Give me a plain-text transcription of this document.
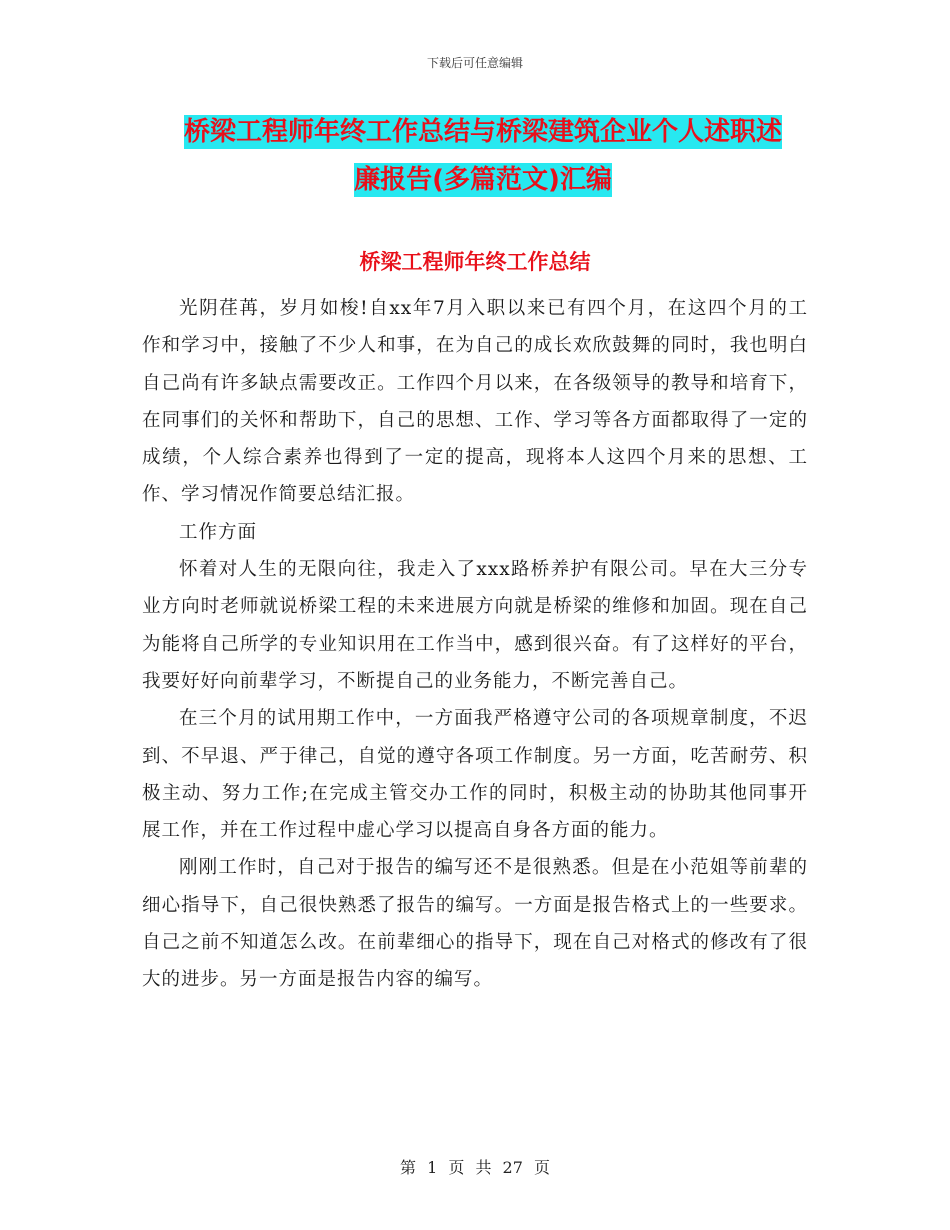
下载后可任意编辑
桥梁工程师年终工作总结与桥梁建筑企业个人述职述
廉报告(多篇范文)汇编
桥梁工程师年终工作总结

光阴荏苒，岁月如梭!自xx年7月入职以来已有四个月，在这四个月的工作和学习中，接触了不少人和事，在为自己的成长欢欣鼓舞的同时，我也明白自己尚有许多缺点需要改正。工作四个月以来，在各级领导的教导和培育下，在同事们的关怀和帮助下，自己的思想、工作、学习等各方面都取得了一定的成绩，个人综合素养也得到了一定的提高，现将本人这四个月来的思想、工作、学习情况作简要总结汇报。

工作方面

怀着对人生的无限向往，我走入了xxx路桥养护有限公司。早在大三分专业方向时老师就说桥梁工程的未来进展方向就是桥梁的维修和加固。现在自己为能将自己所学的专业知识用在工作当中，感到很兴奋。有了这样好的平台，我要好好向前辈学习，不断提自己的业务能力，不断完善自己。

在三个月的试用期工作中，一方面我严格遵守公司的各项规章制度，不迟到、不早退、严于律己，自觉的遵守各项工作制度。另一方面，吃苦耐劳、积极主动、努力工作;在完成主管交办工作的同时，积极主动的协助其他同事开展工作，并在工作过程中虚心学习以提高自身各方面的能力。

刚刚工作时，自己对于报告的编写还不是很熟悉。但是在小范姐等前辈的细心指导下，自己很快熟悉了报告的编写。一方面是报告格式上的一些要求。自己之前不知道怎么改。在前辈细心的指导下，现在自己对格式的修改有了很大的进步。另一方面是报告内容的编写。

第 1 页 共 27 页
